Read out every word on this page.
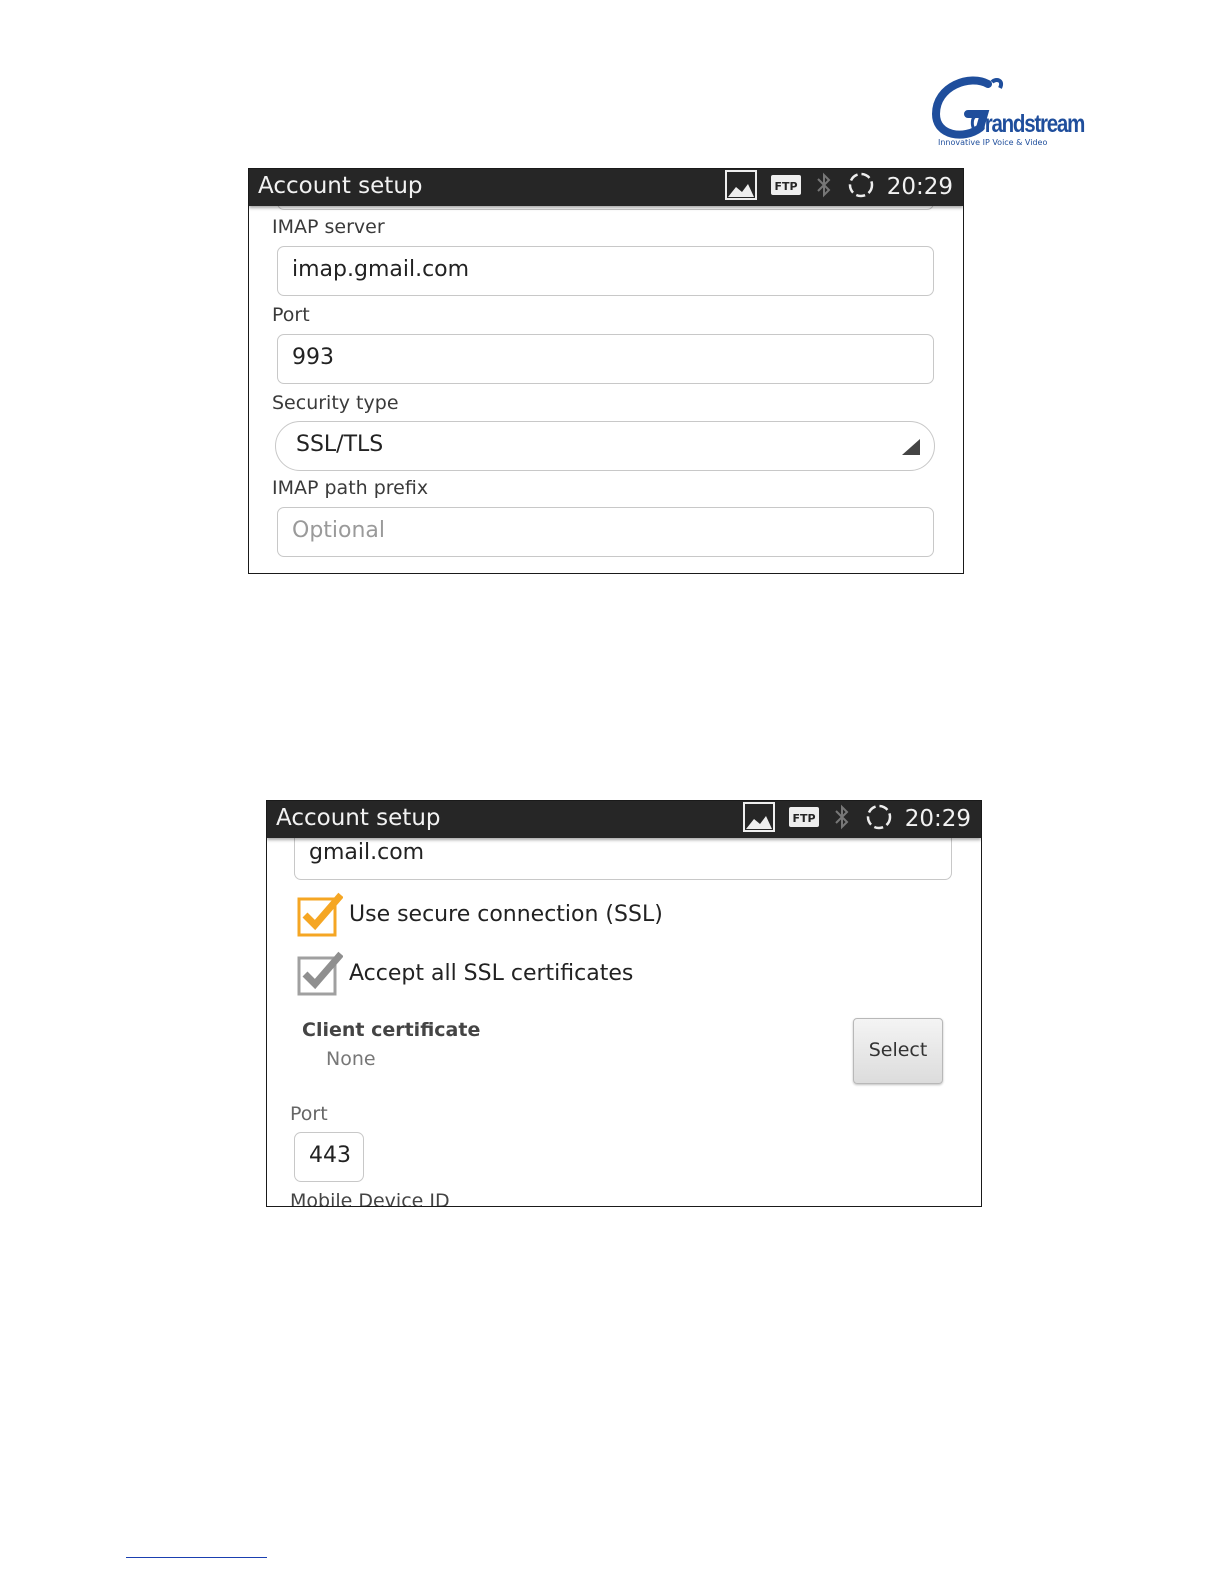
Grandstream
Innovative IP Voice & Video
Account setup	FTP	20:29
IMAP server
imap.gmail.com
Port
993
Security type
SSL/TLS
IMAP path prefix
Optional
gmail.com
Account setup	FTP	20:29
Use secure connection (SSL)
Accept all SSL certificates
Client certificate
None	Select
Port
443
Mobile Device ID
